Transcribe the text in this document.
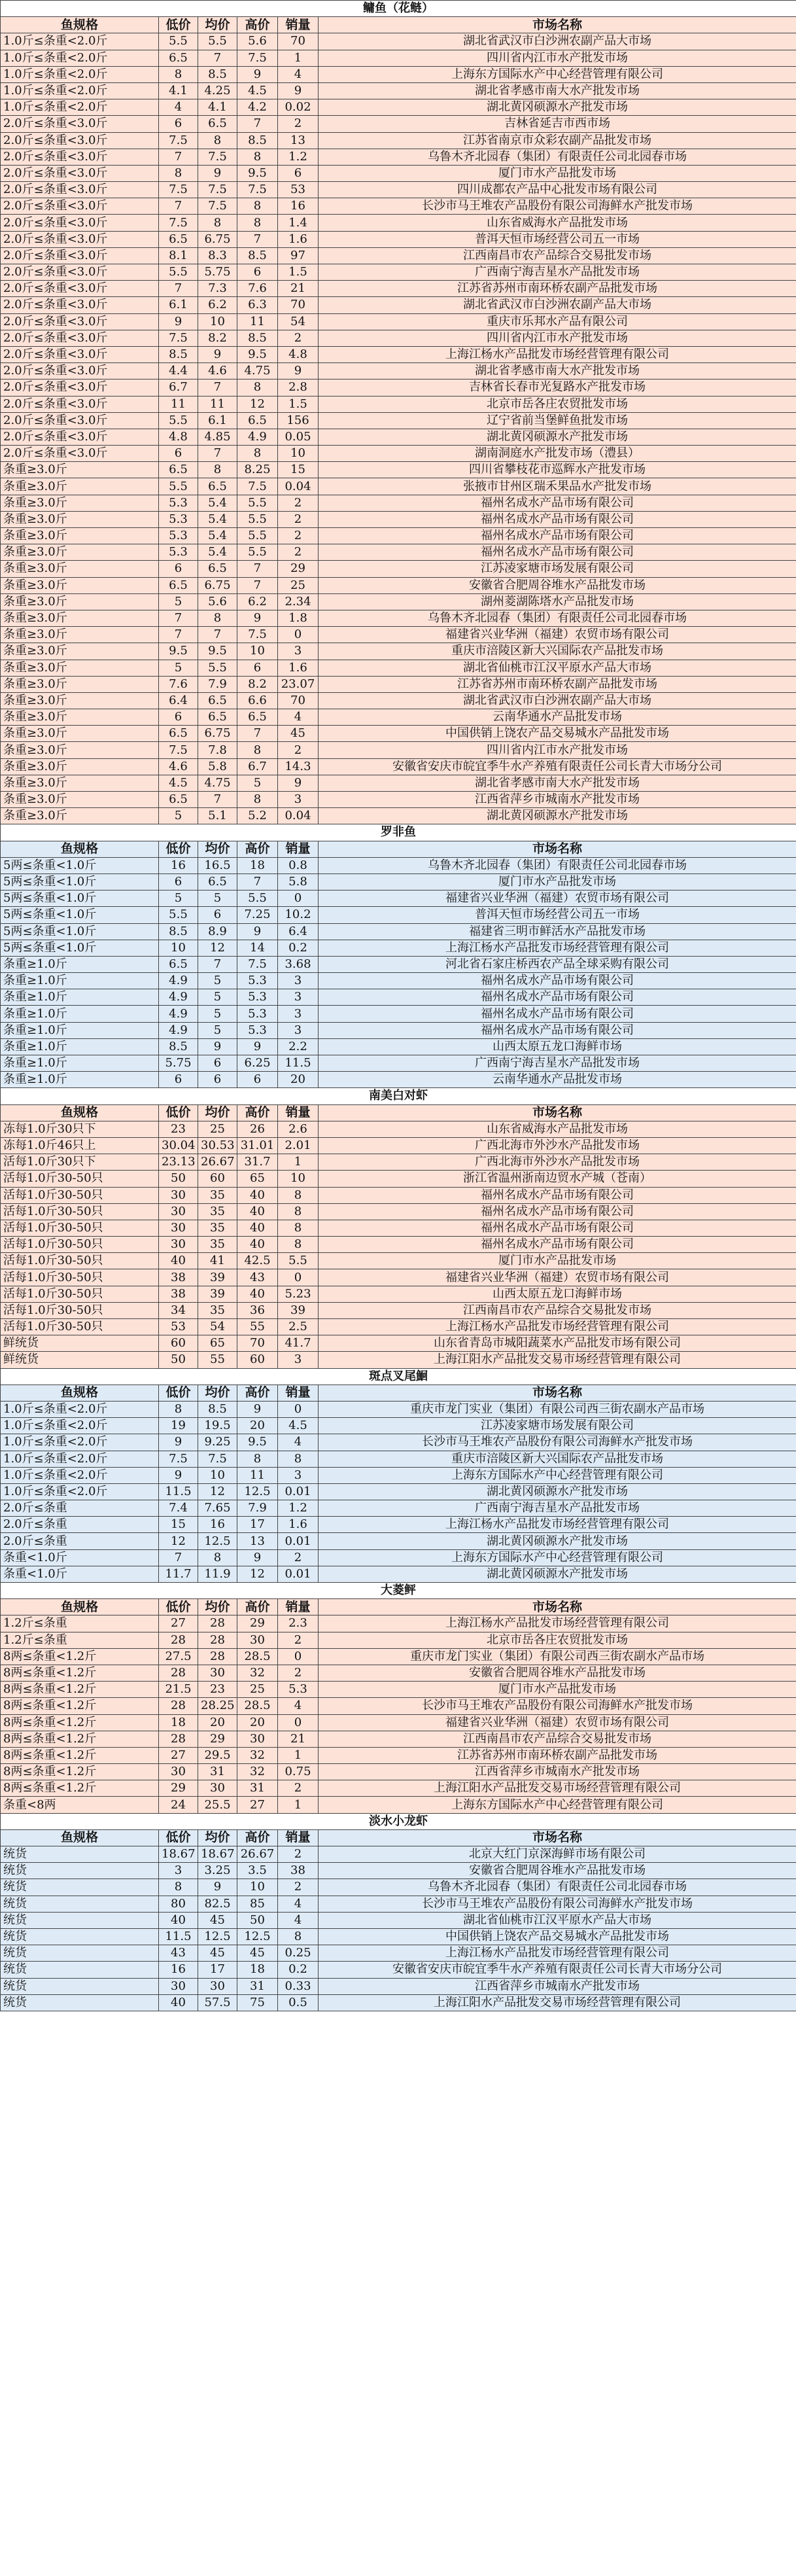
鳙鱼（花鲢）					
鱼规格	低价	均价	高价	销量	市场名称
1.0斤≤条重<2.0斤	5.5	5.5	5.6	70	湖北省武汉市白沙洲农副产品大市场
1.0斤≤条重<2.0斤	6.5	7	7.5	1	四川省内江市水产批发市场
1.0斤≤条重<2.0斤	8	8.5	9	4	上海东方国际水产中心经营管理有限公司
1.0斤≤条重<2.0斤	4.1	4.25	4.5	9	湖北省孝感市南大水产批发市场
1.0斤≤条重<2.0斤	4	4.1	4.2	0.02	湖北黄冈硕源水产批发市场
2.0斤≤条重<3.0斤	6	6.5	7	2	吉林省延吉市西市场
2.0斤≤条重<3.0斤	7.5	8	8.5	13	江苏省南京市众彩农副产品批发市场
2.0斤≤条重<3.0斤	7	7.5	8	1.2	乌鲁木齐北园春（集团）有限责任公司北园春市场
2.0斤≤条重<3.0斤	8	9	9.5	6	厦门市水产品批发市场
2.0斤≤条重<3.0斤	7.5	7.5	7.5	53	四川成都农产品中心批发市场有限公司
2.0斤≤条重<3.0斤	7	7.5	8	16	长沙市马王堆农产品股份有限公司海鲜水产批发市场
2.0斤≤条重<3.0斤	7.5	8	8	1.4	山东省威海水产品批发市场
2.0斤≤条重<3.0斤	6.5	6.75	7	1.6	普洱天恒市场经营公司五一市场
2.0斤≤条重<3.0斤	8.1	8.3	8.5	97	江西南昌市农产品综合交易批发市场
2.0斤≤条重<3.0斤	5.5	5.75	6	1.5	广西南宁海吉星水产品批发市场
2.0斤≤条重<3.0斤	7	7.3	7.6	21	江苏省苏州市南环桥农副产品批发市场
2.0斤≤条重<3.0斤	6.1	6.2	6.3	70	湖北省武汉市白沙洲农副产品大市场
2.0斤≤条重<3.0斤	9	10	11	54	重庆市乐邦水产品有限公司
2.0斤≤条重<3.0斤	7.5	8.2	8.5	2	四川省内江市水产批发市场
2.0斤≤条重<3.0斤	8.5	9	9.5	4.8	上海江杨水产品批发市场经营管理有限公司
2.0斤≤条重<3.0斤	4.4	4.6	4.75	9	湖北省孝感市南大水产批发市场
2.0斤≤条重<3.0斤	6.7	7	8	2.8	吉林省长春市光复路水产批发市场
2.0斤≤条重<3.0斤	11	11	12	1.5	北京市岳各庄农贸批发市场
2.0斤≤条重<3.0斤	5.5	6.1	6.5	156	辽宁省前当堡鲜鱼批发市场
2.0斤≤条重<3.0斤	4.8	4.85	4.9	0.05	湖北黄冈硕源水产批发市场
2.0斤≤条重<3.0斤	6	7	8	10	湖南洞庭水产批发市场（澧县）
条重≥3.0斤	6.5	8	8.25	15	四川省攀枝花市巡辉水产批发市场
条重≥3.0斤	5.5	6.5	7.5	0.04	张掖市甘州区瑞禾果品水产批发市场
条重≥3.0斤	5.3	5.4	5.5	2	福州名成水产品市场有限公司
条重≥3.0斤	5.3	5.4	5.5	2	福州名成水产品市场有限公司
条重≥3.0斤	5.3	5.4	5.5	2	福州名成水产品市场有限公司
条重≥3.0斤	5.3	5.4	5.5	2	福州名成水产品市场有限公司
条重≥3.0斤	6	6.5	7	29	江苏凌家塘市场发展有限公司
条重≥3.0斤	6.5	6.75	7	25	安徽省合肥周谷堆水产品批发市场
条重≥3.0斤	5	5.6	6.2	2.34	湖州菱湖陈塔水产品批发市场
条重≥3.0斤	7	8	9	1.8	乌鲁木齐北园春（集团）有限责任公司北园春市场
条重≥3.0斤	7	7	7.5	0	福建省兴业华洲（福建）农贸市场有限公司
条重≥3.0斤	9.5	9.5	10	3	重庆市涪陵区新大兴国际农产品批发市场
条重≥3.0斤	5	5.5	6	1.6	湖北省仙桃市江汉平原水产品大市场
条重≥3.0斤	7.6	7.9	8.2	23.07	江苏省苏州市南环桥农副产品批发市场
条重≥3.0斤	6.4	6.5	6.6	70	湖北省武汉市白沙洲农副产品大市场
条重≥3.0斤	6	6.5	6.5	4	云南华通水产品批发市场
条重≥3.0斤	6.5	6.75	7	45	中国供销上饶农产品交易城水产品批发市场
条重≥3.0斤	7.5	7.8	8	2	四川省内江市水产批发市场
条重≥3.0斤	4.6	5.8	6.7	14.3	安徽省安庆市皖宜季牛水产养殖有限责任公司长青大市场分公司
条重≥3.0斤	4.5	4.75	5	9	湖北省孝感市南大水产批发市场
条重≥3.0斤	6.5	7	8	3	江西省萍乡市城南水产批发市场
条重≥3.0斤	5	5.1	5.2	0.04	湖北黄冈硕源水产批发市场
罗非鱼					
鱼规格	低价	均价	高价	销量	市场名称
5两≤条重<1.0斤	16	16.5	18	0.8	乌鲁木齐北园春（集团）有限责任公司北园春市场
5两≤条重<1.0斤	6	6.5	7	5.8	厦门市水产品批发市场
5两≤条重<1.0斤	5	5	5.5	0	福建省兴业华洲（福建）农贸市场有限公司
5两≤条重<1.0斤	5.5	6	7.25	10.2	普洱天恒市场经营公司五一市场
5两≤条重<1.0斤	8.5	8.9	9	6.4	福建省三明市鲜活水产品批发市场
5两≤条重<1.0斤	10	12	14	0.2	上海江杨水产品批发市场经营管理有限公司
条重≥1.0斤	6.5	7	7.5	3.68	河北省石家庄桥西农产品全球采购有限公司
条重≥1.0斤	4.9	5	5.3	3	福州名成水产品市场有限公司
条重≥1.0斤	4.9	5	5.3	3	福州名成水产品市场有限公司
条重≥1.0斤	4.9	5	5.3	3	福州名成水产品市场有限公司
条重≥1.0斤	4.9	5	5.3	3	福州名成水产品市场有限公司
条重≥1.0斤	8.5	9	9	2.2	山西太原五龙口海鲜市场
条重≥1.0斤	5.75	6	6.25	11.5	广西南宁海吉星水产品批发市场
条重≥1.0斤	6	6	6	20	云南华通水产品批发市场
南美白对虾					
鱼规格	低价	均价	高价	销量	市场名称
冻每1.0斤30只下	23	25	26	2.6	山东省威海水产品批发市场
冻每1.0斤46只上	30.04	30.53	31.01	2.01	广西北海市外沙水产品批发市场
活每1.0斤30只下	23.13	26.67	31.7	1	广西北海市外沙水产品批发市场
活每1.0斤30-50只	50	60	65	10	浙江省温州浙南边贸水产城（苍南）
活每1.0斤30-50只	30	35	40	8	福州名成水产品市场有限公司
活每1.0斤30-50只	30	35	40	8	福州名成水产品市场有限公司
活每1.0斤30-50只	30	35	40	8	福州名成水产品市场有限公司
活每1.0斤30-50只	30	35	40	8	福州名成水产品市场有限公司
活每1.0斤30-50只	40	41	42.5	5.5	厦门市水产品批发市场
活每1.0斤30-50只	38	39	43	0	福建省兴业华洲（福建）农贸市场有限公司
活每1.0斤30-50只	38	39	40	5.23	山西太原五龙口海鲜市场
活每1.0斤30-50只	34	35	36	39	江西南昌市农产品综合交易批发市场
活每1.0斤30-50只	53	54	55	2.5	上海江杨水产品批发市场经营管理有限公司
鲜统货	60	65	70	41.7	山东省青岛市城阳蔬菜水产品批发市场有限公司
鲜统货	50	55	60	3	上海江阳水产品批发交易市场经营管理有限公司
斑点叉尾鮰					
鱼规格	低价	均价	高价	销量	市场名称
1.0斤≤条重<2.0斤	8	8.5	9	0	重庆市龙门实业（集团）有限公司西三街农副水产品市场
1.0斤≤条重<2.0斤	19	19.5	20	4.5	江苏凌家塘市场发展有限公司
1.0斤≤条重<2.0斤	9	9.25	9.5	4	长沙市马王堆农产品股份有限公司海鲜水产批发市场
1.0斤≤条重<2.0斤	7.5	7.5	8	8	重庆市涪陵区新大兴国际农产品批发市场
1.0斤≤条重<2.0斤	9	10	11	3	上海东方国际水产中心经营管理有限公司
1.0斤≤条重<2.0斤	11.5	12	12.5	0.01	湖北黄冈硕源水产批发市场
2.0斤≤条重	7.4	7.65	7.9	1.2	广西南宁海吉星水产品批发市场
2.0斤≤条重	15	16	17	1.6	上海江杨水产品批发市场经营管理有限公司
2.0斤≤条重	12	12.5	13	0.01	湖北黄冈硕源水产批发市场
条重<1.0斤	7	8	9	2	上海东方国际水产中心经营管理有限公司
条重<1.0斤	11.7	11.9	12	0.01	湖北黄冈硕源水产批发市场
大菱鲆					
鱼规格	低价	均价	高价	销量	市场名称
1.2斤≤条重	27	28	29	2.3	上海江杨水产品批发市场经营管理有限公司
1.2斤≤条重	28	28	30	2	北京市岳各庄农贸批发市场
8两≤条重<1.2斤	27.5	28	28.5	0	重庆市龙门实业（集团）有限公司西三街农副水产品市场
8两≤条重<1.2斤	28	30	32	2	安徽省合肥周谷堆水产品批发市场
8两≤条重<1.2斤	21.5	23	25	5.3	厦门市水产品批发市场
8两≤条重<1.2斤	28	28.25	28.5	4	长沙市马王堆农产品股份有限公司海鲜水产批发市场
8两≤条重<1.2斤	18	20	20	0	福建省兴业华洲（福建）农贸市场有限公司
8两≤条重<1.2斤	28	29	30	21	江西南昌市农产品综合交易批发市场
8两≤条重<1.2斤	27	29.5	32	1	江苏省苏州市南环桥农副产品批发市场
8两≤条重<1.2斤	30	31	32	0.75	江西省萍乡市城南水产批发市场
8两≤条重<1.2斤	29	30	31	2	上海江阳水产品批发交易市场经营管理有限公司
条重<8两	24	25.5	27	1	上海东方国际水产中心经营管理有限公司
淡水小龙虾					
鱼规格	低价	均价	高价	销量	市场名称
统货	18.67	18.67	26.67	2	北京大红门京深海鲜市场有限公司
统货	3	3.25	3.5	38	安徽省合肥周谷堆水产品批发市场
统货	8	9	10	2	乌鲁木齐北园春（集团）有限责任公司北园春市场
统货	80	82.5	85	4	长沙市马王堆农产品股份有限公司海鲜水产批发市场
统货	40	45	50	4	湖北省仙桃市江汉平原水产品大市场
统货	11.5	12.5	12.5	8	中国供销上饶农产品交易城水产品批发市场
统货	43	45	45	0.25	上海江杨水产品批发市场经营管理有限公司
统货	16	17	18	0.2	安徽省安庆市皖宜季牛水产养殖有限责任公司长青大市场分公司
统货	30	30	31	0.33	江西省萍乡市城南水产批发市场
统货	40	57.5	75	0.5	上海江阳水产品批发交易市场经营管理有限公司
